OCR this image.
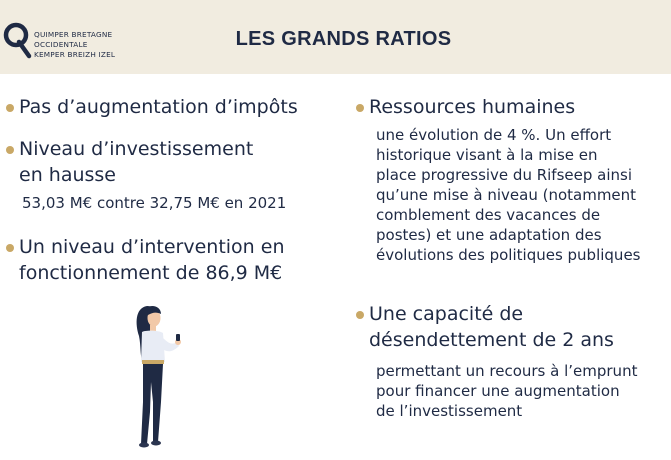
QUIMPER BRETAGNE
OCCIDENTALE
KEMPER BREIZH IZEL
LES GRANDS RATIOS
Pas d’augmentation d’impôts
Niveau d’investissement
en hausse
53,03 M€ contre 32,75 M€ en 2021
Un niveau d’intervention en
fonctionnement de 86,9 M€
Ressources humaines
une évolution de 4 %. Un effort
historique visant à la mise en
place progressive du Rifseep ainsi
qu’une mise à niveau (notamment
comblement des vacances de
postes) et une adaptation des
évolutions des politiques publiques
Une capacité de
désendettement de 2 ans
permettant un recours à l’emprunt
pour financer une augmentation
de l’investissement
